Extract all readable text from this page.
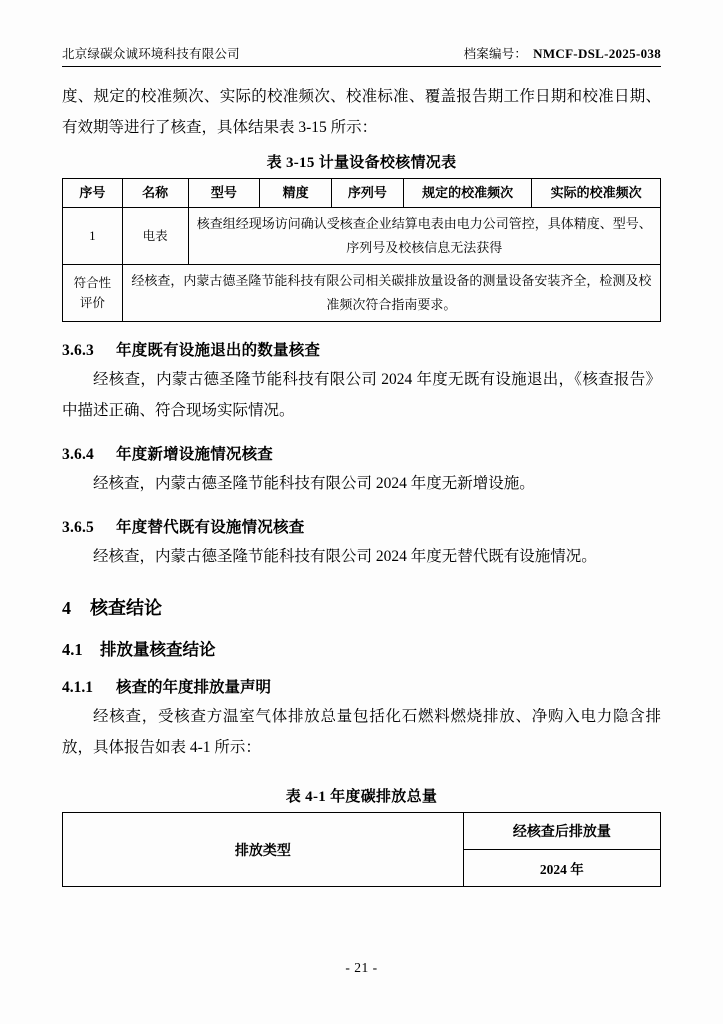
北京绿碳众诚环境科技有限公司	档案编号： NMCF-DSL-2025-038

度、规定的校准频次、实际的校准频次、校准标准、覆盖报告期工作日期和校准日期、有效期等进行了核查，具体结果表 3-15 所示：

表 3-15 计量设备校核情况表
序号	名称	型号	精度	序列号	规定的校准频次	实际的校准频次
1	电表	核查组经现场访问确认受核查企业结算电表由电力公司管控，具体精度、型号、序列号及校核信息无法获得				
符合性评价	经核查，内蒙古德圣隆节能科技有限公司相关碳排放量设备的测量设备安装齐全，检测及校准频次符合指南要求。					
3.6.3 年度既有设施退出的数量核查

经核查，内蒙古德圣隆节能科技有限公司 2024 年度无既有设施退出，《核查报告》中描述正确、符合现场实际情况。

3.6.4 年度新增设施情况核查

经核查，内蒙古德圣隆节能科技有限公司 2024 年度无新增设施。

3.6.5 年度替代既有设施情况核查

经核查，内蒙古德圣隆节能科技有限公司 2024 年度无替代既有设施情况。

4 核查结论
4.1 排放量核查结论
4.1.1 核查的年度排放量声明

经核查，受核查方温室气体排放总量包括化石燃料燃烧排放、净购入电力隐含排放，具体报告如表 4-1 所示：

表 4-1 年度碳排放总量
排放类型	经核查后排放量
2024 年
- 21 -
